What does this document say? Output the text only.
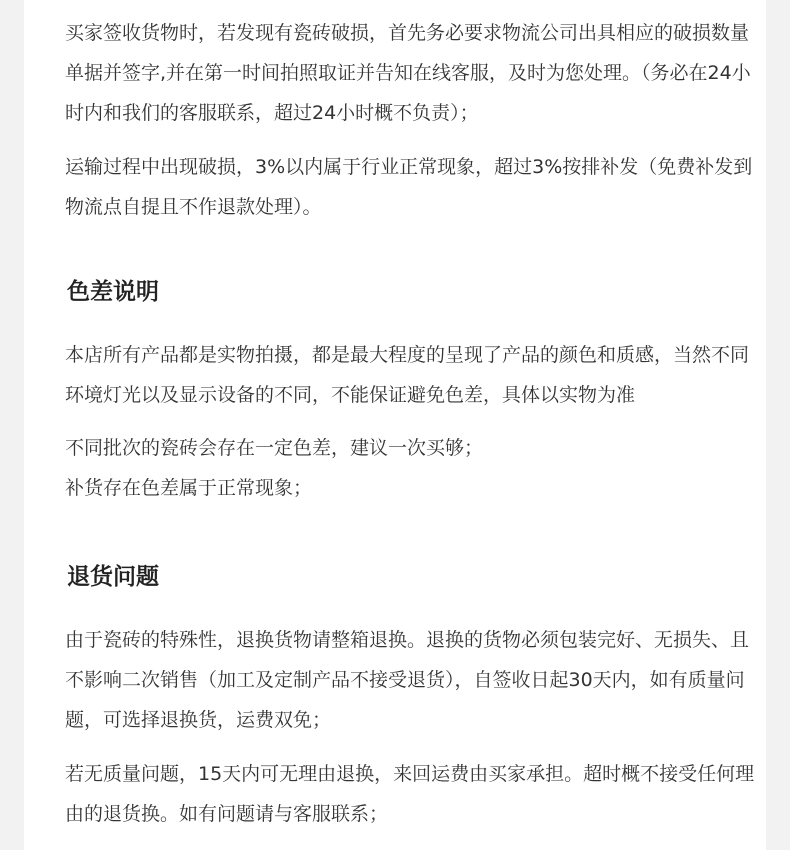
买家签收货物时，若发现有瓷砖破损，首先务必要求物流公司出具相应的破损数量单据并签字,并在第一时间拍照取证并告知在线客服，及时为您处理。（务必在24小时内和我们的客服联系，超过24小时概不负责）；

运输过程中出现破损，3%以内属于行业正常现象，超过3%按排补发（免费补发到物流点自提且不作退款处理）。

色差说明

本店所有产品都是实物拍摄，都是最大程度的呈现了产品的颜色和质感，当然不同环境灯光以及显示设备的不同，不能保证避免色差，具体以实物为准

不同批次的瓷砖会存在一定色差，建议一次买够；

补货存在色差属于正常现象；

退货问题

由于瓷砖的特殊性，退换货物请整箱退换。退换的货物必须包装完好、无损失、且不影响二次销售（加工及定制产品不接受退货），自签收日起30天内，如有质量问题，可选择退换货，运费双免；

若无质量问题，15天内可无理由退换，来回运费由买家承担。超时概不接受任何理由的退货换。如有问题请与客服联系；
